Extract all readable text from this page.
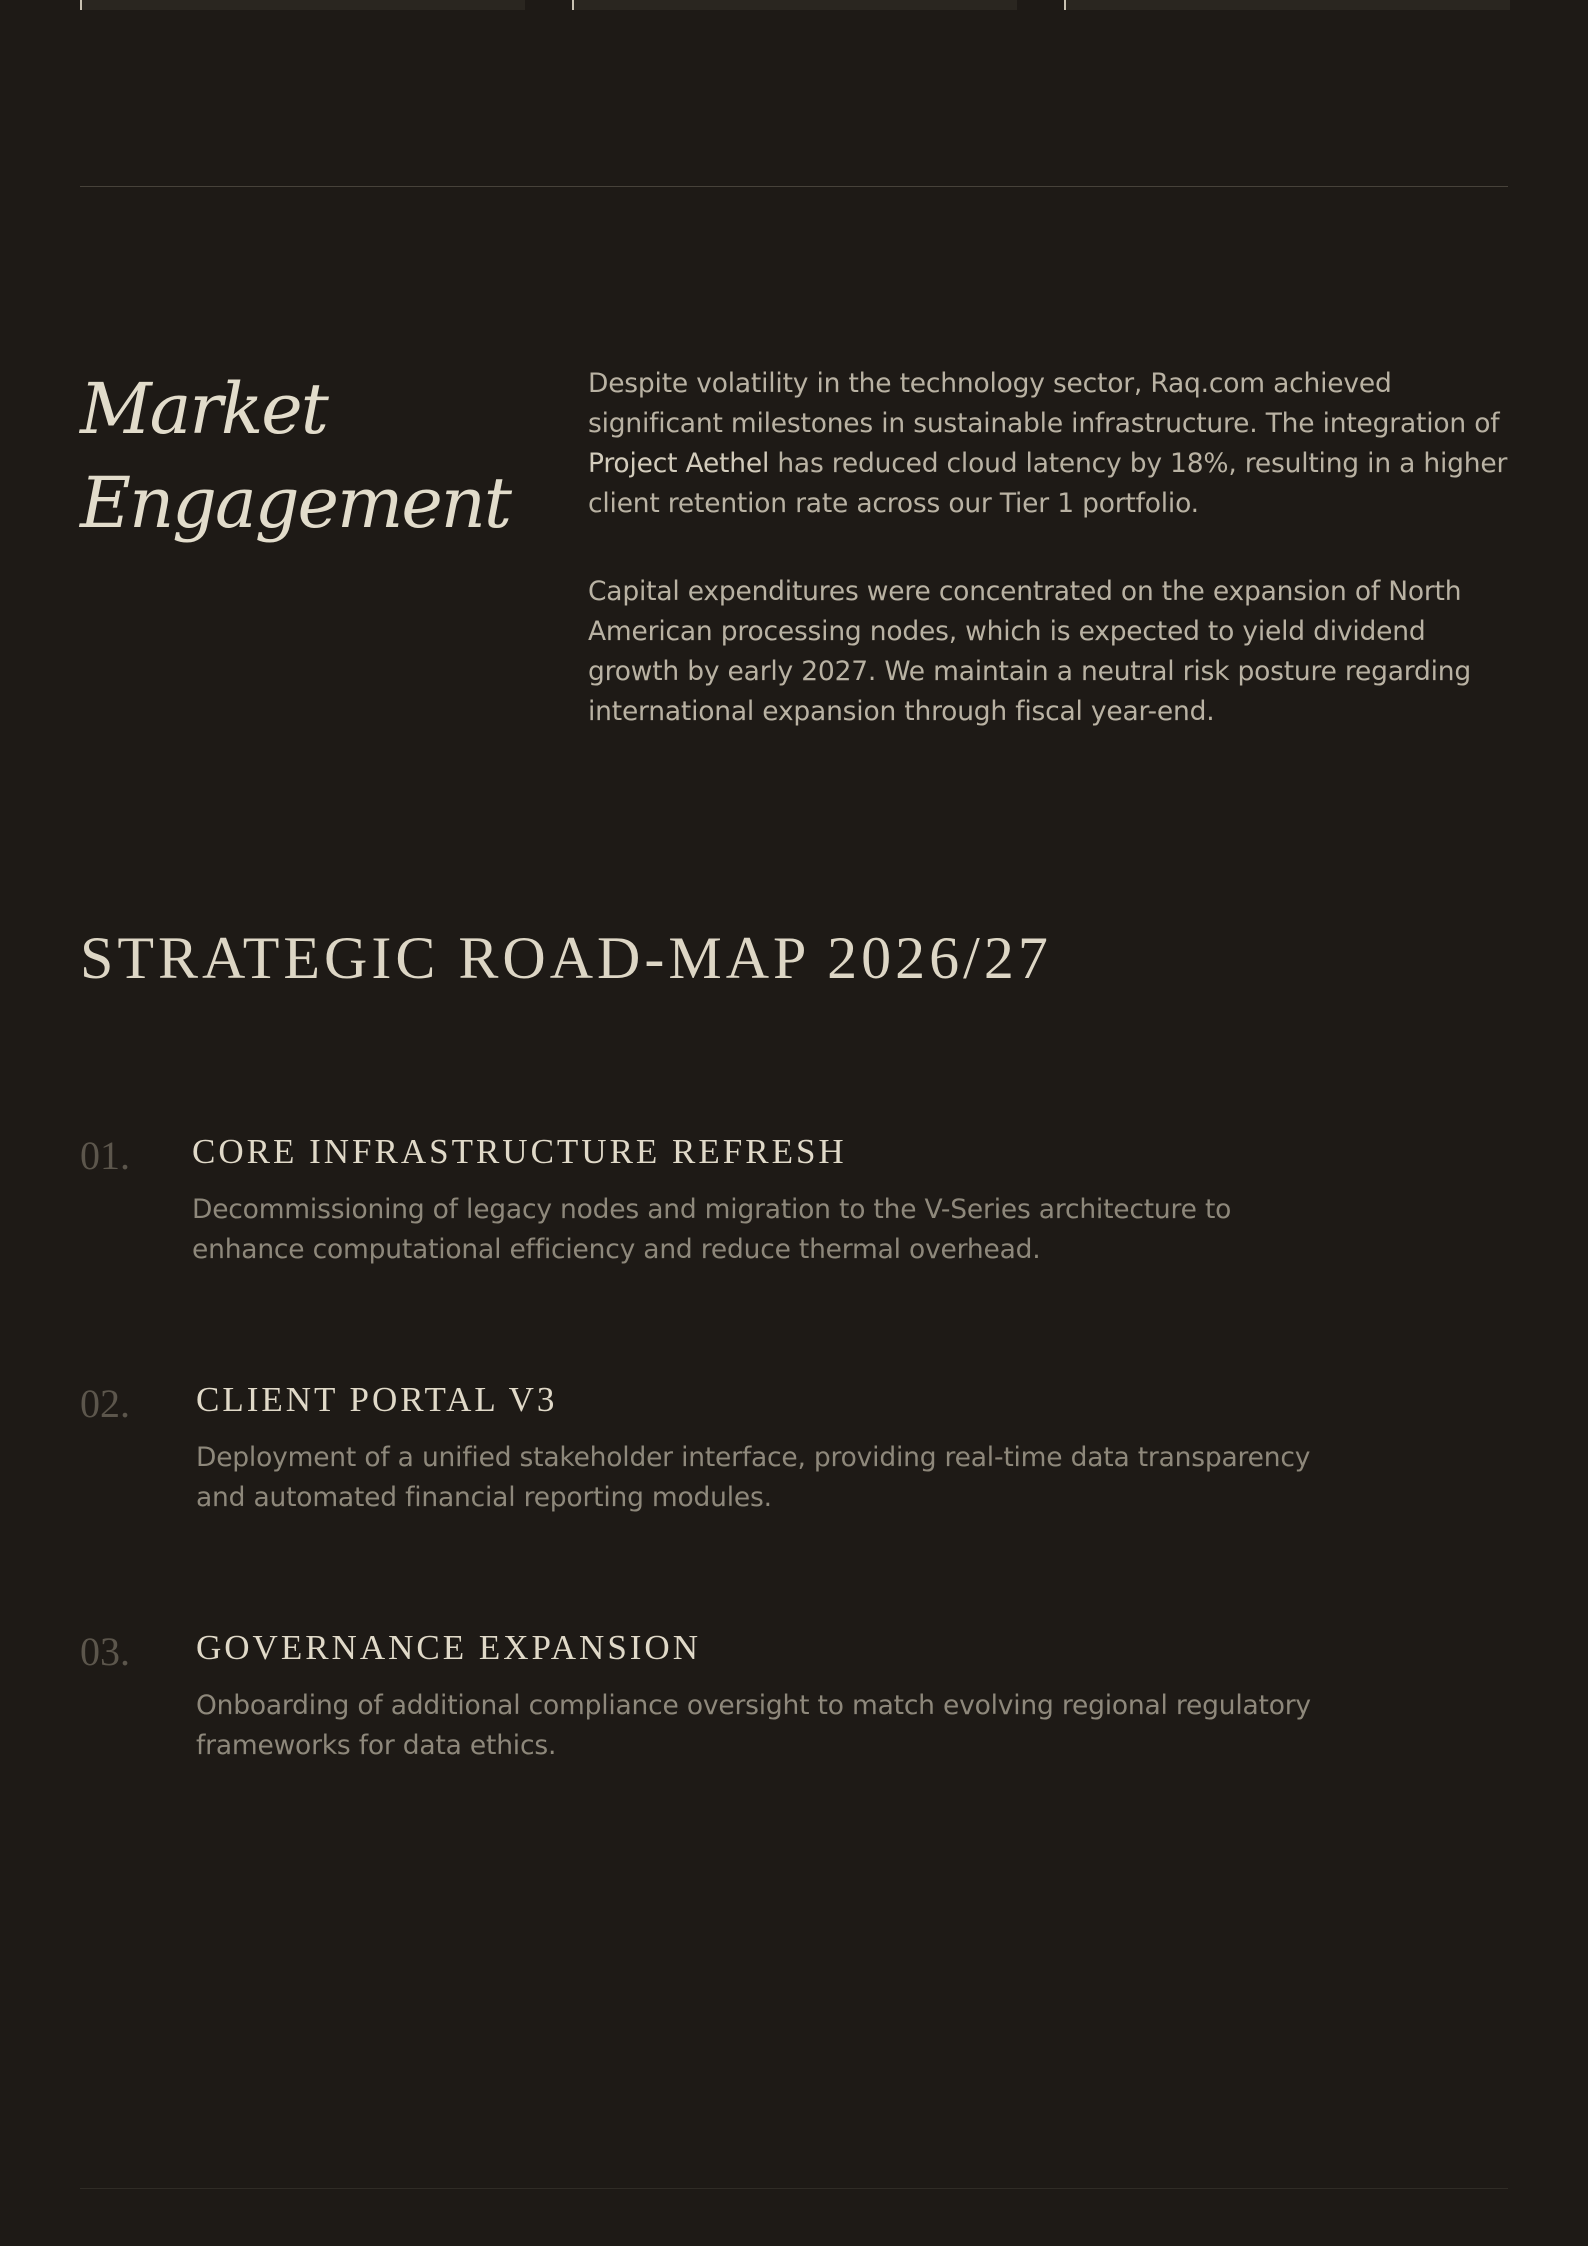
Market
Engagement

Despite volatility in the technology sector, Raq.com achieved significant milestones in sustainable infrastructure. The integration of Project Aethel has reduced cloud latency by 18%, resulting in a higher client retention rate across our Tier 1 portfolio.

Capital expenditures were concentrated on the expansion of North American processing nodes, which is expected to yield dividend growth by early 2027. We maintain a neutral risk posture regarding international expansion through fiscal year-end.

STRATEGIC ROAD-MAP 2026/27
01. CORE INFRASTRUCTURE REFRESH

Decommissioning of legacy nodes and migration to the V-Series architecture to enhance computational efficiency and reduce thermal overhead.

02. CLIENT PORTAL V3

Deployment of a unified stakeholder interface, providing real-time data transparency and automated financial reporting modules.

03. GOVERNANCE EXPANSION

Onboarding of additional compliance oversight to match evolving regional regulatory frameworks for data ethics.
